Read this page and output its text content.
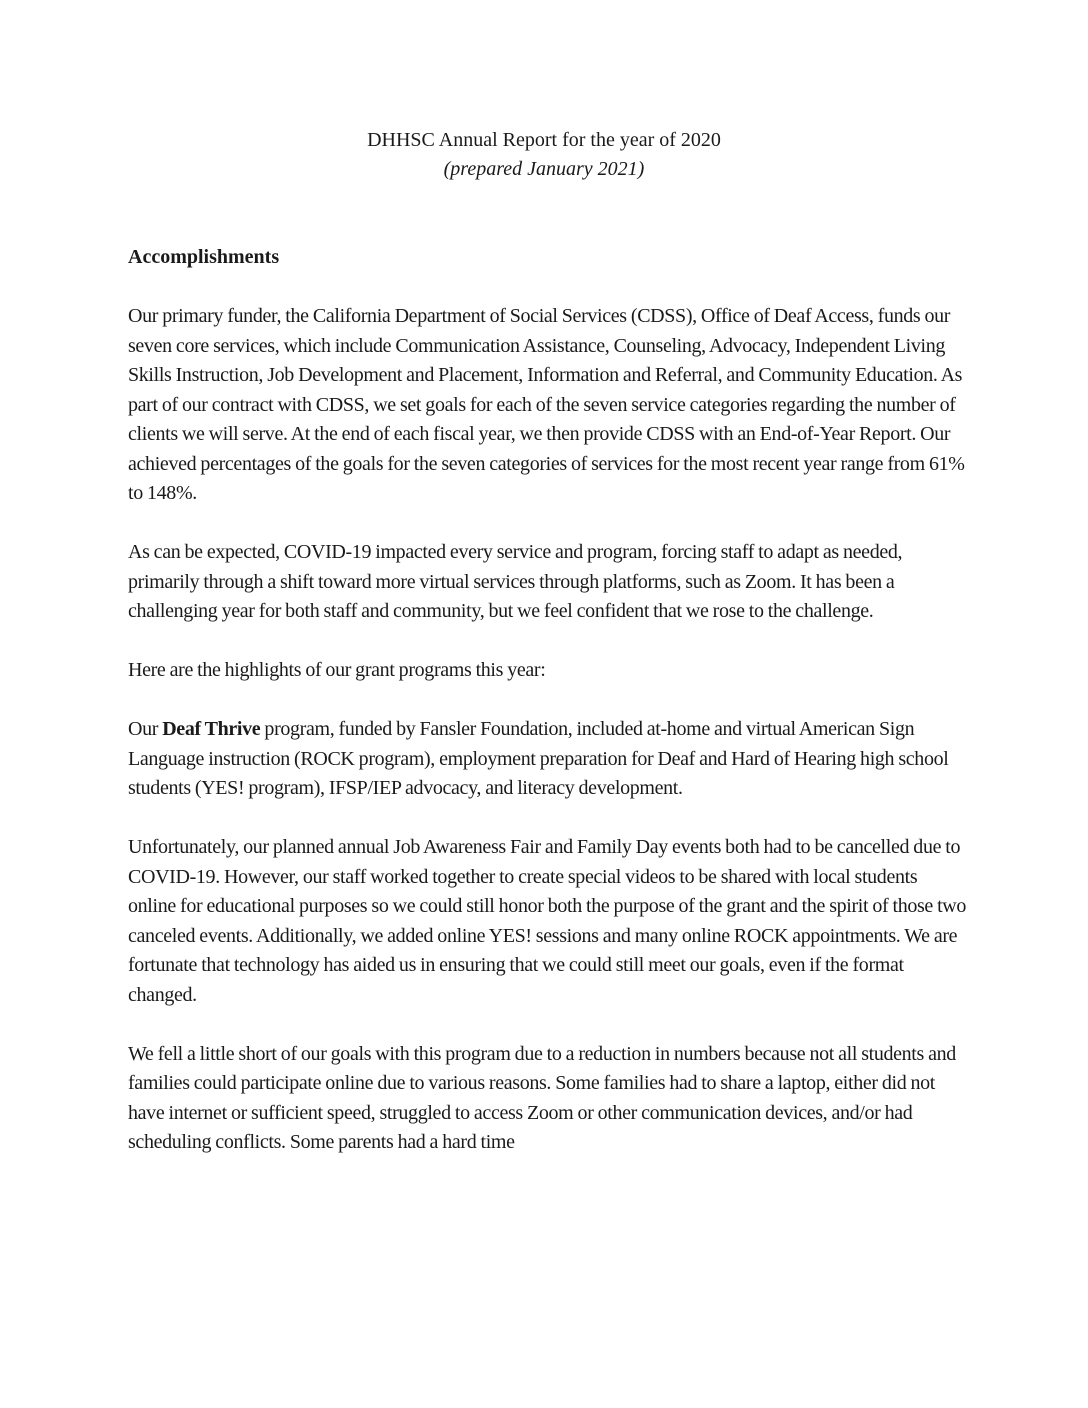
DHHSC Annual Report for the year of 2020
(prepared January 2021)
Accomplishments

Our primary funder, the California Department of Social Services (CDSS), Office of Deaf Access, funds our seven core services, which include Communication Assistance, Counseling, Advocacy, Independent Living Skills Instruction, Job Development and Placement, Information and Referral, and Community Education. As part of our contract with CDSS, we set goals for each of the seven service categories regarding the number of clients we will serve. At the end of each fiscal year, we then provide CDSS with an End-of-Year Report. Our achieved percentages of the goals for the seven categories of services for the most recent year range from 61% to 148%.

As can be expected, COVID-19 impacted every service and program, forcing staff to adapt as needed, primarily through a shift toward more virtual services through platforms, such as Zoom. It has been a challenging year for both staff and community, but we feel confident that we rose to the challenge.

Here are the highlights of our grant programs this year:

Our Deaf Thrive program, funded by Fansler Foundation, included at-home and virtual American Sign Language instruction (ROCK program), employment preparation for Deaf and Hard of Hearing high school students (YES! program), IFSP/IEP advocacy, and literacy development.

Unfortunately, our planned annual Job Awareness Fair and Family Day events both had to be cancelled due to COVID-19. However, our staff worked together to create special videos to be shared with local students online for educational purposes so we could still honor both the purpose of the grant and the spirit of those two canceled events. Additionally, we added online YES! sessions and many online ROCK appointments. We are fortunate that technology has aided us in ensuring that we could still meet our goals, even if the format changed.

We fell a little short of our goals with this program due to a reduction in numbers because not all students and families could participate online due to various reasons. Some families had to share a laptop, either did not have internet or sufficient speed, struggled to access Zoom or other communication devices, and/or had scheduling conflicts. Some parents had a hard time
